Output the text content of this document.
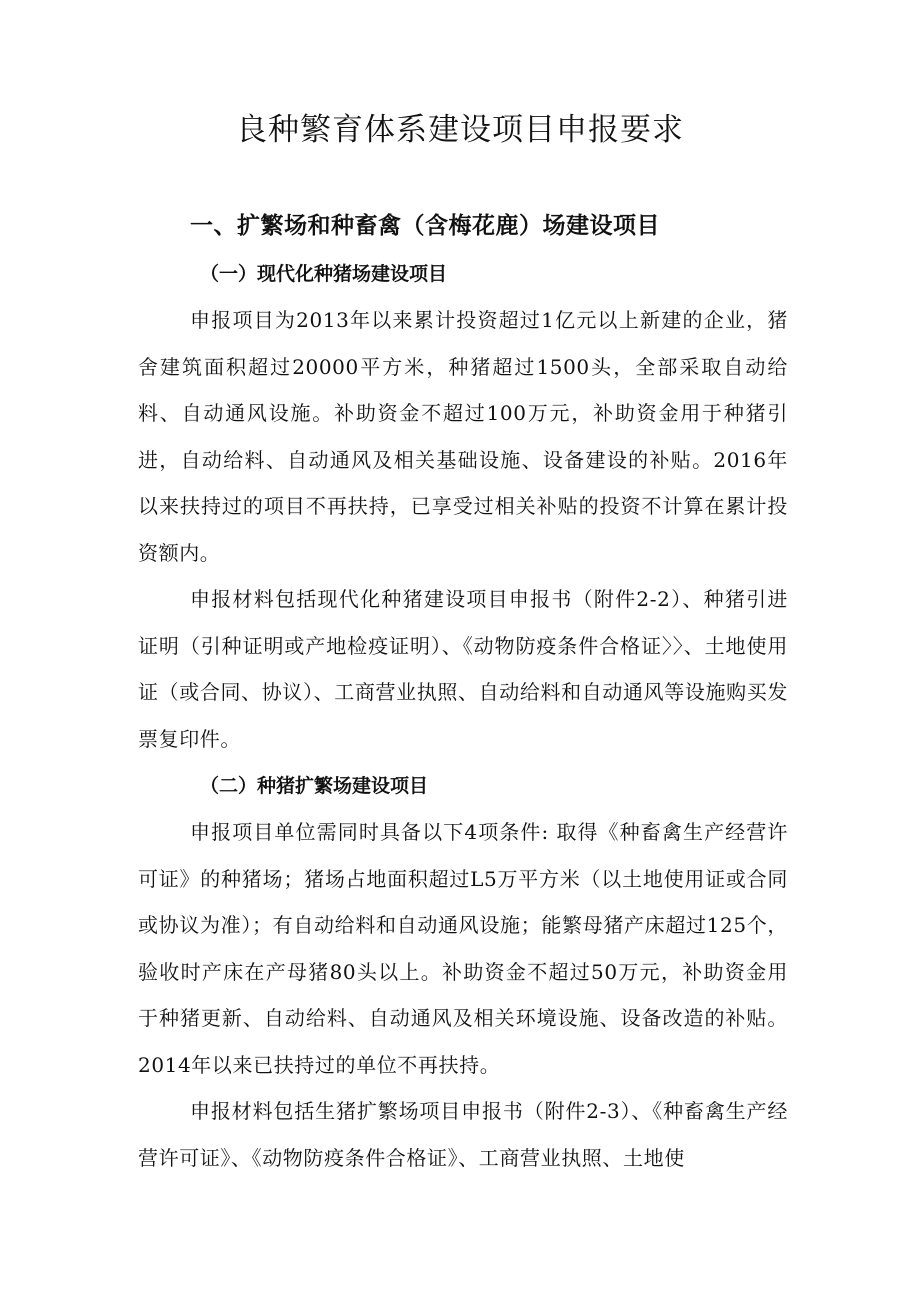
良种繁育体系建设项目申报要求
一、扩繁场和种畜禽（含梅花鹿）场建设项目
（一）现代化种猪场建设项目

申报项目为2013年以来累计投资超过1亿元以上新建的企业，猪舍建筑面积超过20000平方米，种猪超过1500头，全部采取自动给料、自动通风设施。补助资金不超过100万元，补助资金用于种猪引进，自动给料、自动通风及相关基础设施、设备建设的补贴。2016年以来扶持过的项目不再扶持，已享受过相关补贴的投资不计算在累计投资额内。

申报材料包括现代化种猪建设项目申报书（附件2-2）、种猪引进证明（引种证明或产地检疫证明）、《动物防疫条件合格证〉〉、土地使用证（或合同、协议）、工商营业执照、自动给料和自动通风等设施购买发票复印件。

（二）种猪扩繁场建设项目

申报项目单位需同时具备以下4项条件: 取得《种畜禽生产经营许可证》的种猪场；猪场占地面积超过L5万平方米（以土地使用证或合同或协议为准）；有自动给料和自动通风设施；能繁母猪产床超过125个，验收时产床在产母猪80头以上。补助资金不超过50万元，补助资金用于种猪更新、自动给料、自动通风及相关环境设施、设备改造的补贴。2014年以来已扶持过的单位不再扶持。

申报材料包括生猪扩繁场项目申报书（附件2-3）、《种畜禽生产经营许可证》、《动物防疫条件合格证》、工商营业执照、土地使
